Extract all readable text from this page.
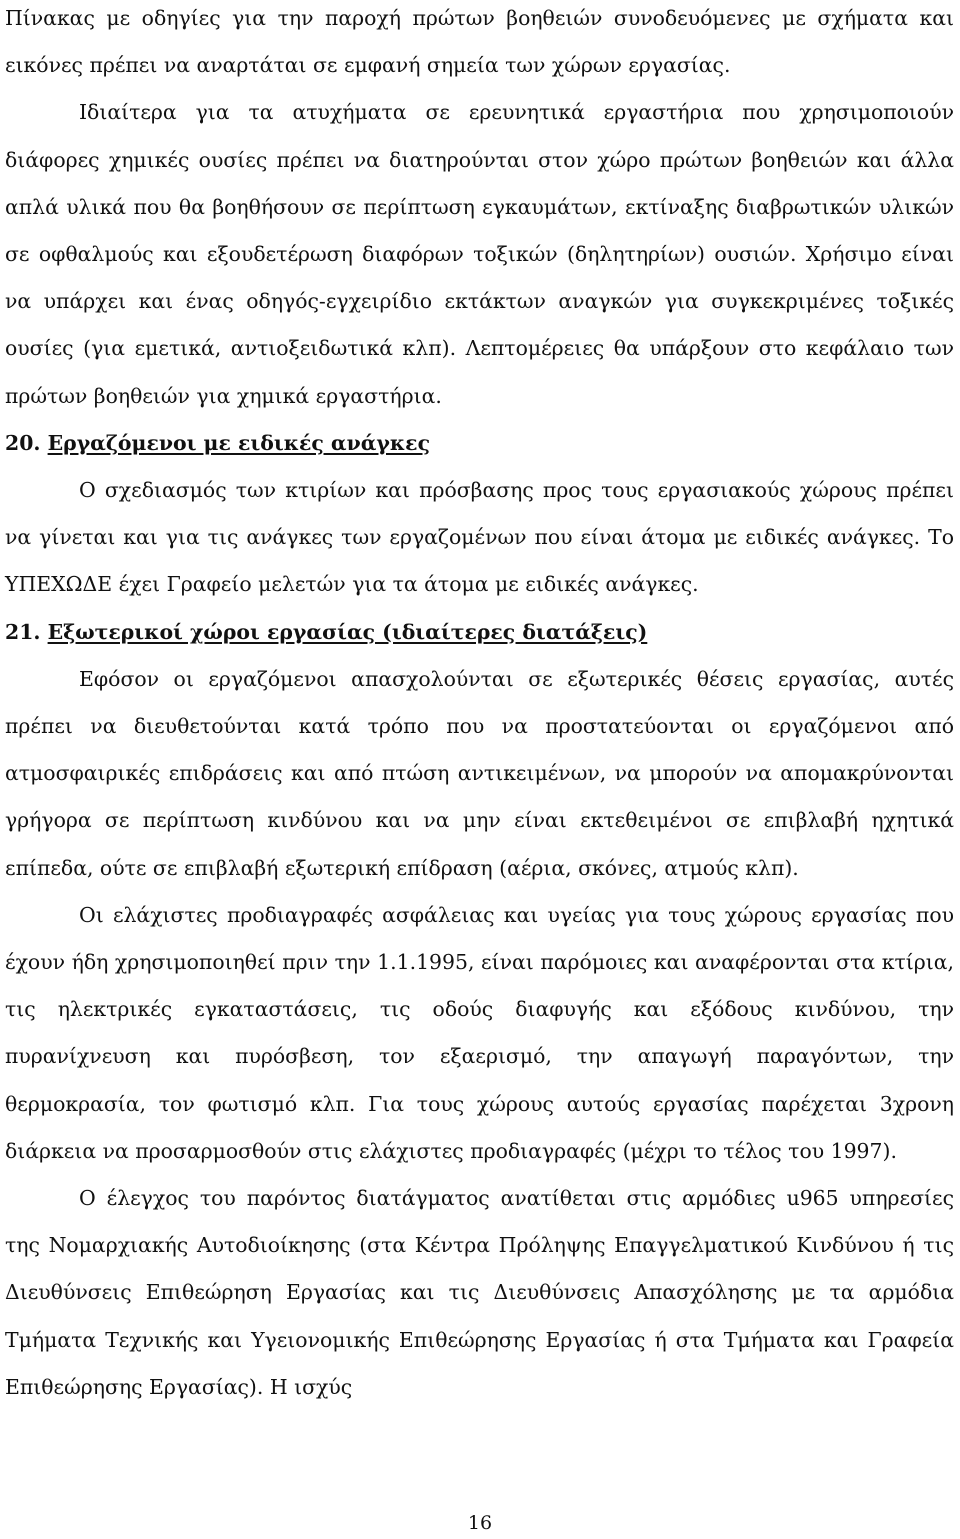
Πίνακας με οδηγίες για την παροχή πρώτων βοηθειών συνοδευόμενες με σχήματα και εικόνες πρέπει να αναρτάται σε εμφανή σημεία των χώρων εργασίας.

Ιδιαίτερα για τα ατυχήματα σε ερευνητικά εργαστήρια που χρησιμοποιούν διάφορες χημικές ουσίες πρέπει να διατηρούνται στον χώρο πρώτων βοηθειών και άλλα απλά υλικά που θα βοηθήσουν σε περίπτωση εγκαυμάτων, εκτίναξης διαβρωτικών υλικών σε οφθαλμούς και εξουδετέρωση διαφόρων τοξικών (δηλητηρίων) ουσιών. Χρήσιμο είναι να υπάρχει και ένας οδηγός-εγχειρίδιο εκτάκτων αναγκών για συγκεκριμένες τοξικές ουσίες (για εμετικά, αντιοξειδωτικά κλπ). Λεπτομέρειες θα υπάρξουν στο κεφάλαιο των πρώτων βοηθειών για χημικά εργαστήρια.

20. Εργαζόμενοι με ειδικές ανάγκες

Ο σχεδιασμός των κτιρίων και πρόσβασης προς τους εργασιακούς χώρους πρέπει να γίνεται και για τις ανάγκες των εργαζομένων που είναι άτομα με ειδικές ανάγκες. Το ΥΠΕΧΩΔΕ έχει Γραφείο μελετών για τα άτομα με ειδικές ανάγκες.

21. Εξωτερικοί χώροι εργασίας (ιδιαίτερες διατάξεις)

Εφόσον οι εργαζόμενοι απασχολούνται σε εξωτερικές θέσεις εργασίας, αυτές πρέπει να διευθετούνται κατά τρόπο που να προστατεύονται οι εργαζόμενοι από ατμοσφαιρικές επιδράσεις και από πτώση αντικειμένων, να μπορούν να απομακρύνονται γρήγορα σε περίπτωση κινδύνου και να μην είναι εκτεθειμένοι σε επιβλαβή ηχητικά επίπεδα, ούτε σε επιβλαβή εξωτερική επίδραση (αέρια, σκόνες, ατμούς κλπ).

Οι ελάχιστες προδιαγραφές ασφάλειας και υγείας για τους χώρους εργασίας που έχουν ήδη χρησιμοποιηθεί πριν την 1.1.1995, είναι παρόμοιες και αναφέρονται στα κτίρια, τις ηλεκτρικές εγκαταστάσεις, τις οδούς διαφυγής και εξόδους κινδύνου, την πυρανίχνευση και πυρόσβεση, τον εξαερισμό, την απαγωγή παραγόντων, την θερμοκρασία, τον φωτισμό κλπ. Για τους χώρους αυτούς εργασίας παρέχεται 3χρονη διάρκεια να προσαρμοσθούν στις ελάχιστες προδιαγραφές (μέχρι το τέλος του 1997).

Ο έλεγχος του παρόντος διατάγματος ανατίθεται στις αρμόδιες u965 υπηρεσίες της Νομαρχιακής Αυτοδιοίκησης (στα Κέντρα Πρόληψης Επαγγελματικού Κινδύνου ή τις Διευθύνσεις Επιθεώρηση Εργασίας και τις Διευθύνσεις Απασχόλησης με τα αρμόδια Τμήματα Τεχνικής και Υγειονομικής Επιθεώρησης Εργασίας ή στα Τμήματα και Γραφεία Επιθεώρησης Εργασίας). Η ισχύς

16
